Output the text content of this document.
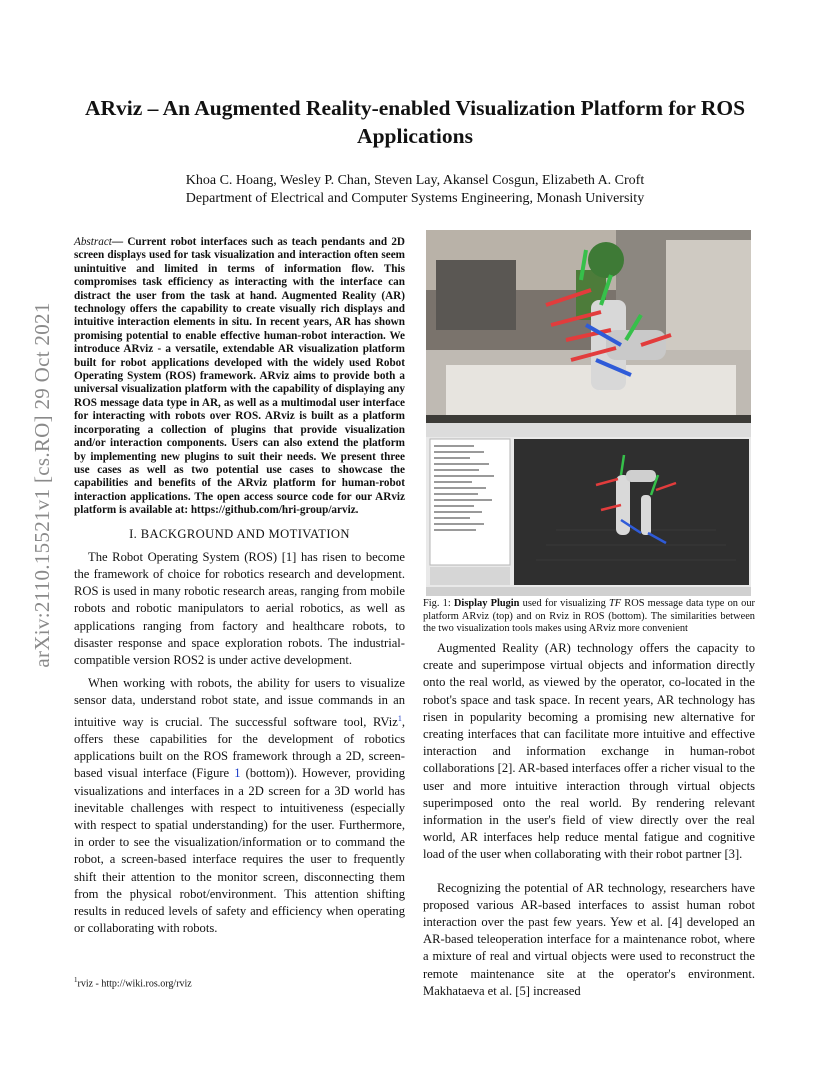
arXiv:2110.15521v1 [cs.RO] 29 Oct 2021
ARviz – An Augmented Reality-enabled Visualization Platform for ROS Applications
Khoa C. Hoang, Wesley P. Chan, Steven Lay, Akansel Cosgun, Elizabeth A. Croft
Department of Electrical and Computer Systems Engineering, Monash University
Abstract— Current robot interfaces such as teach pendants and 2D screen displays used for task visualization and interaction often seem unintuitive and limited in terms of information flow. This compromises task efficiency as interacting with the interface can distract the user from the task at hand. Augmented Reality (AR) technology offers the capability to create visually rich displays and intuitive interaction elements in situ. In recent years, AR has shown promising potential to enable effective human-robot interaction. We introduce ARviz - a versatile, extendable AR visualization platform built for robot applications developed with the widely used Robot Operating System (ROS) framework. ARviz aims to provide both a universal visualization platform with the capability of displaying any ROS message data type in AR, as well as a multimodal user interface for interacting with robots over ROS. ARviz is built as a platform incorporating a collection of plugins that provide visualization and/or interaction components. Users can also extend the platform by implementing new plugins to suit their needs. We present three use cases as well as two potential use cases to showcase the capabilities and benefits of the ARviz platform for human-robot interaction applications. The open access source code for our ARviz platform is available at: https://github.com/hri-group/arviz.
I. BACKGROUND AND MOTIVATION

The Robot Operating System (ROS) [1] has risen to become the framework of choice for robotics research and development. ROS is used in many robotic research areas, ranging from mobile robots and robotic manipulators to aerial robotics, as well as applications ranging from factory and healthcare robots, to disaster response and space exploration robots. The industrial-compatible version ROS2 is under active development.

When working with robots, the ability for users to visualize sensor data, understand robot state, and issue commands in an intuitive way is crucial. The successful software tool, RViz$^1$, offers these capabilities for the development of robotics applications built on the ROS framework through a 2D, screen-based visual interface (Figure 1 (bottom)). However, providing visualizations and interfaces in a 2D screen for a 3D world has inevitable challenges with respect to intuitiveness (especially with respect to spatial understanding) for the user. Furthermore, in order to see the visualization/information or to command the robot, a screen-based interface requires the user to frequently shift their attention to the monitor screen, disconnecting them from the physical robot/environment. This attention shifting results in reduced levels of safety and efficiency when operating or collaborating with robots.

$^1$rviz - http://wiki.ros.org/rviz
Fig. 1: Display Plugin used for visualizing TF ROS message data type on our platform ARviz (top) and on Rviz in ROS (bottom). The similarities between the two visualization tools makes using ARviz more convenient

Augmented Reality (AR) technology offers the capacity to create and superimpose virtual objects and information directly onto the real world, as viewed by the operator, co-located in the robot's space and task space. In recent years, AR technology has risen in popularity becoming a promising new alternative for creating interfaces that can facilitate more intuitive and effective interaction and information exchange in human-robot collaborations [2]. AR-based interfaces offer a richer visual to the user and more intuitive interaction through virtual objects superimposed onto the real world. By rendering relevant information in the user's field of view directly over the real world, AR interfaces help reduce mental fatigue and cognitive load of the user when collaborating with their robot partner [3].

Recognizing the potential of AR technology, researchers have proposed various AR-based interfaces to assist human robot interaction over the past few years. Yew et al. [4] developed an AR-based teleoperation interface for a maintenance robot, where a mixture of real and virtual objects were used to reconstruct the remote maintenance site at the operator's environment. Makhataeva et al. [5] increased
